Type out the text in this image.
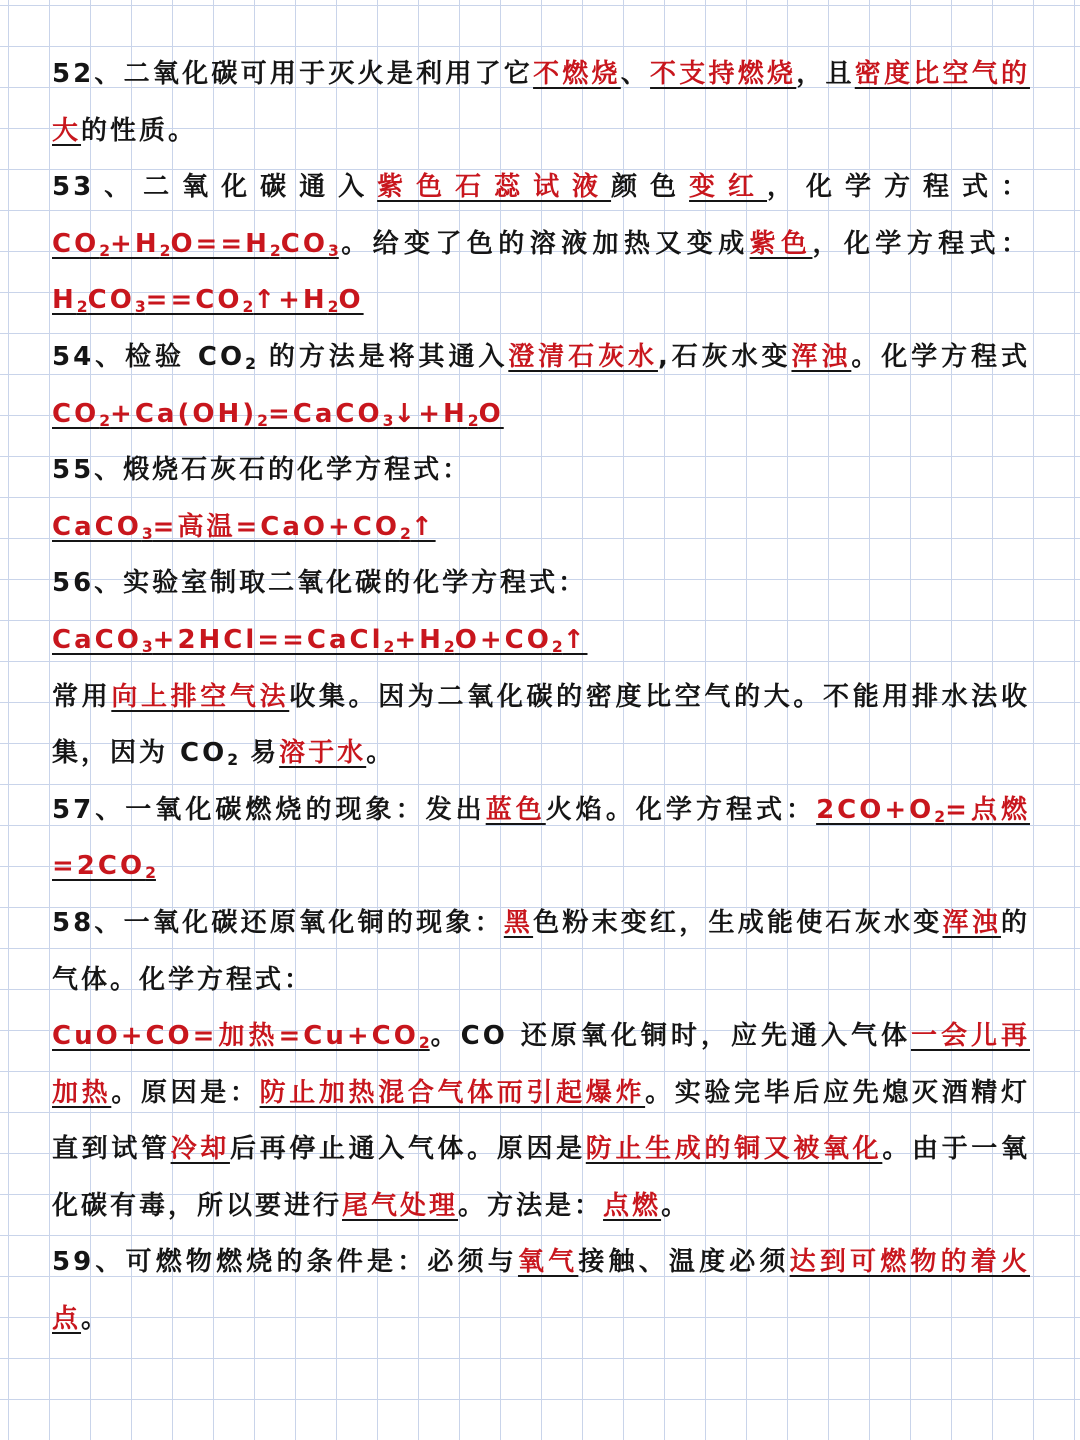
52、二氧化碳可用于灭火是利用了它不燃烧、不支持燃烧，且密度比空气的大的性质。

53、二氧化碳通入紫色石蕊试液颜色变红，化学方程式：CO2+H2O==H2CO3。给变了色的溶液加热又变成紫色，化学方程式：H2CO3==CO2↑+H2O

54、检验 CO2 的方法是将其通入澄清石灰水,石灰水变浑浊。化学方程式 CO2+Ca(OH)2=CaCO3↓+H2O

55、煅烧石灰石的化学方程式：
CaCO3=高温=CaO+CO2↑

56、实验室制取二氧化碳的化学方程式：
CaCO3+2HCl==CaCl2+H2O+CO2↑
常用向上排空气法收集。因为二氧化碳的密度比空气的大。不能用排水法收集，因为 CO2 易溶于水。

57、一氧化碳燃烧的现象：发出蓝色火焰。化学方程式：2CO+O2=点燃=2CO2

58、一氧化碳还原氧化铜的现象：黑色粉末变红，生成能使石灰水变浑浊的气体。化学方程式：
CuO+CO=加热=Cu+CO2。CO 还原氧化铜时，应先通入气体一会儿再加热。原因是：防止加热混合气体而引起爆炸。实验完毕后应先熄灭酒精灯直到试管冷却后再停止通入气体。原因是防止生成的铜又被氧化。由于一氧化碳有毒，所以要进行尾气处理。方法是：点燃。

59、可燃物燃烧的条件是：必须与氧气接触、温度必须达到可燃物的着火点。
